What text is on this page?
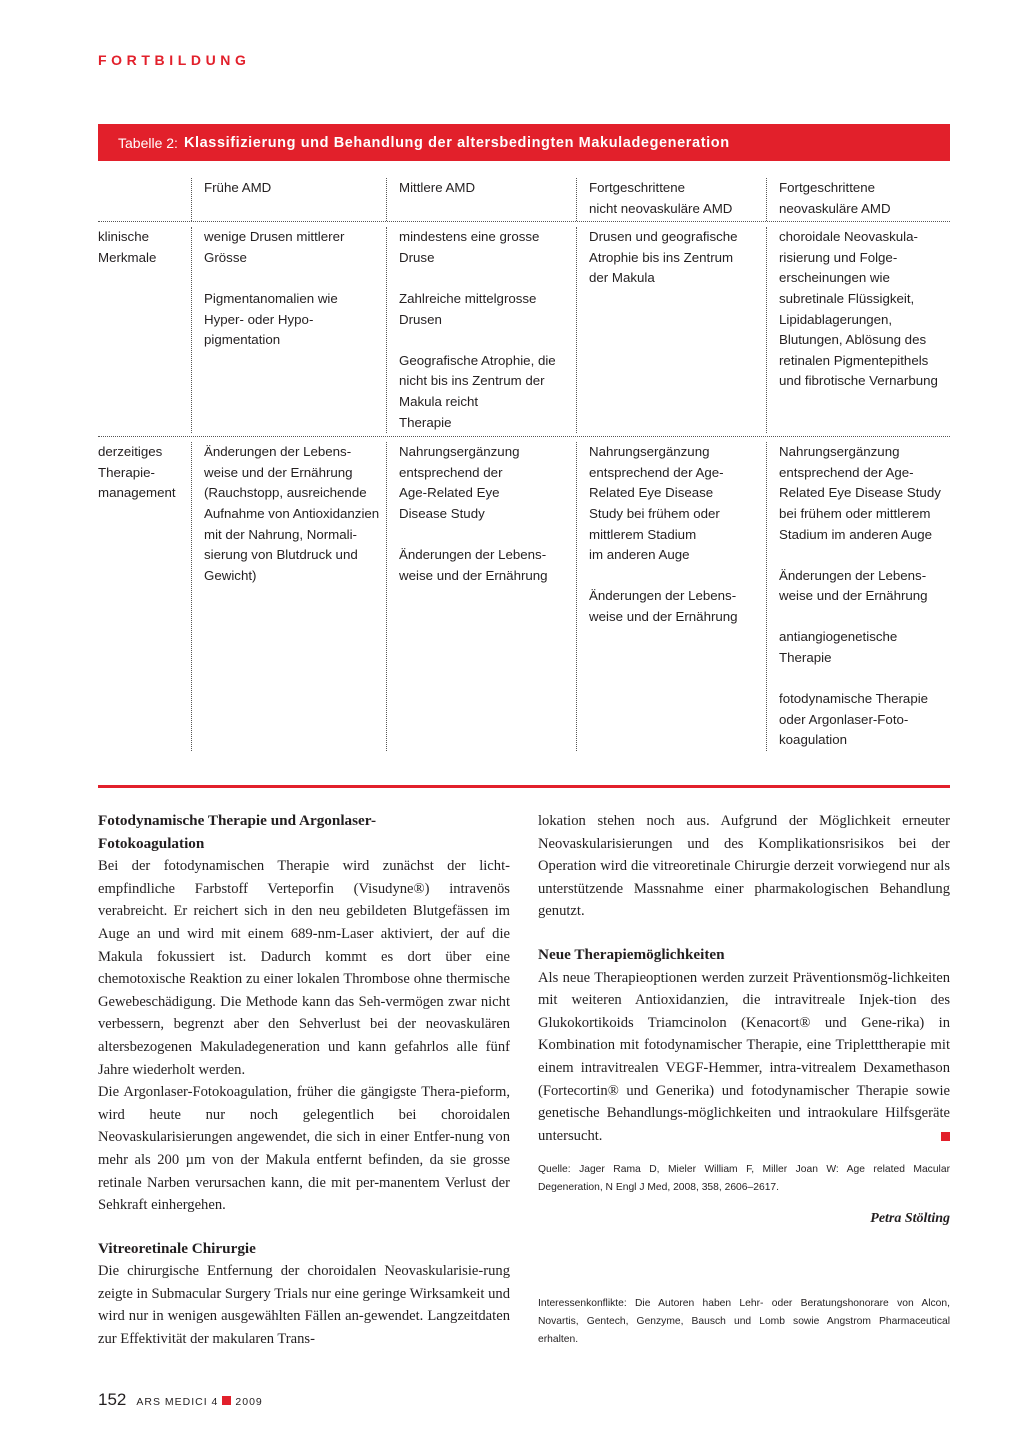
FORTBILDUNG
Tabelle 2: Klassifizierung und Behandlung der altersbedingten Makuladegeneration

Frühe AMD	Mittlere AMD	Fortgeschrittene
nicht neovaskuläre AMD

Fortgeschrittene
neovaskuläre AMD

klinische
Merkmale

wenige Drusen mittlerer
Grösse

Pigmentanomalien wie
Hyper- oder Hypo-
pigmentation

mindestens eine grosse
Druse

Zahlreiche mittelgrosse
Drusen

Geografische Atrophie, die
nicht bis ins Zentrum der
Makula reicht
Therapie

Drusen und geografische
Atrophie bis ins Zentrum
der Makula

choroidale Neovaskula-
risierung und Folge-
erscheinungen wie
subretinale Flüssigkeit,
Lipidablagerungen,
Blutungen, Ablösung des
retinalen Pigmentepithels
und fibrotische Vernarbung

derzeitiges
Therapie-
management

Änderungen der Lebens-
weise und der Ernährung
(Rauchstopp, ausreichende
Aufnahme von Antioxidanzien
mit der Nahrung, Normali-
sierung von Blutdruck und
Gewicht)

Nahrungsergänzung
entsprechend der
Age-Related Eye
Disease Study

Änderungen der Lebens-
weise und der Ernährung

Nahrungsergänzung
entsprechend der Age-
Related Eye Disease
Study bei frühem oder
mittlerem Stadium
im anderen Auge

Änderungen der Lebens-
weise und der Ernährung

Nahrungsergänzung
entsprechend der Age-
Related Eye Disease Study
bei frühem oder mittlerem
Stadium im anderen Auge

Änderungen der Lebens-
weise und der Ernährung

antiangiogenetische
Therapie

fotodynamische Therapie
oder Argonlaser-Foto-
koagulation

Fotodynamische Therapie und Argonlaser-
Fotokoagulation

Bei der fotodynamischen Therapie wird zunächst der licht-empfindliche Farbstoff Verteporfin (Visudyne®) intravenös verabreicht. Er reichert sich in den neu gebildeten Blutgefässen im Auge an und wird mit einem 689-nm-Laser aktiviert, der auf die Makula fokussiert ist. Dadurch kommt es dort über eine chemotoxische Reaktion zu einer lokalen Thrombose ohne thermische Gewebeschädigung. Die Methode kann das Seh-vermögen zwar nicht verbessern, begrenzt aber den Sehverlust bei der neovaskulären altersbezogenen Makuladegeneration und kann gefahrlos alle fünf Jahre wiederholt werden.

Die Argonlaser-Fotokoagulation, früher die gängigste Thera-pieform, wird heute nur noch gelegentlich bei choroidalen Neovaskularisierungen angewendet, die sich in einer Entfer-nung von mehr als 200 µm von der Makula entfernt befinden, da sie grosse retinale Narben verursachen kann, die mit per-manentem Verlust der Sehkraft einhergehen.

Vitreoretinale Chirurgie

Die chirurgische Entfernung der choroidalen Neovaskularisie-rung zeigte in Submacular Surgery Trials nur eine geringe Wirksamkeit und wird nur in wenigen ausgewählten Fällen an-gewendet. Langzeitdaten zur Effektivität der makularen Trans-

lokation stehen noch aus. Aufgrund der Möglichkeit erneuter Neovaskularisierungen und des Komplikationsrisikos bei der Operation wird die vitreoretinale Chirurgie derzeit vorwiegend nur als unterstützende Massnahme einer pharmakologischen Behandlung genutzt.

Neue Therapiemöglichkeiten

Als neue Therapieoptionen werden zurzeit Präventionsmög-lichkeiten mit weiteren Antioxidanzien, die intravitreale Injek-tion des Glukokortikoids Triamcinolon (Kenacort® und Gene-rika) in Kombination mit fotodynamischer Therapie, eine Tripletttherapie mit einem intravitrealen VEGF-Hemmer, intra-vitrealem Dexamethason (Fortecortin® und Generika) und fotodynamischer Therapie sowie genetische Behandlungs-möglichkeiten und intraokulare Hilfsgeräte untersucht.

Quelle: Jager Rama D, Mieler William F, Miller Joan W: Age related Macular Degeneration, N Engl J Med, 2008, 358, 2606–2617.

Petra Stölting

Interessenkonflikte: Die Autoren haben Lehr- oder Beratungshonorare von Alcon, Novartis, Gentech, Genzyme, Bausch und Lomb sowie Angstrom Pharmaceutical erhalten.

152 ARS MEDICI 4 2009
